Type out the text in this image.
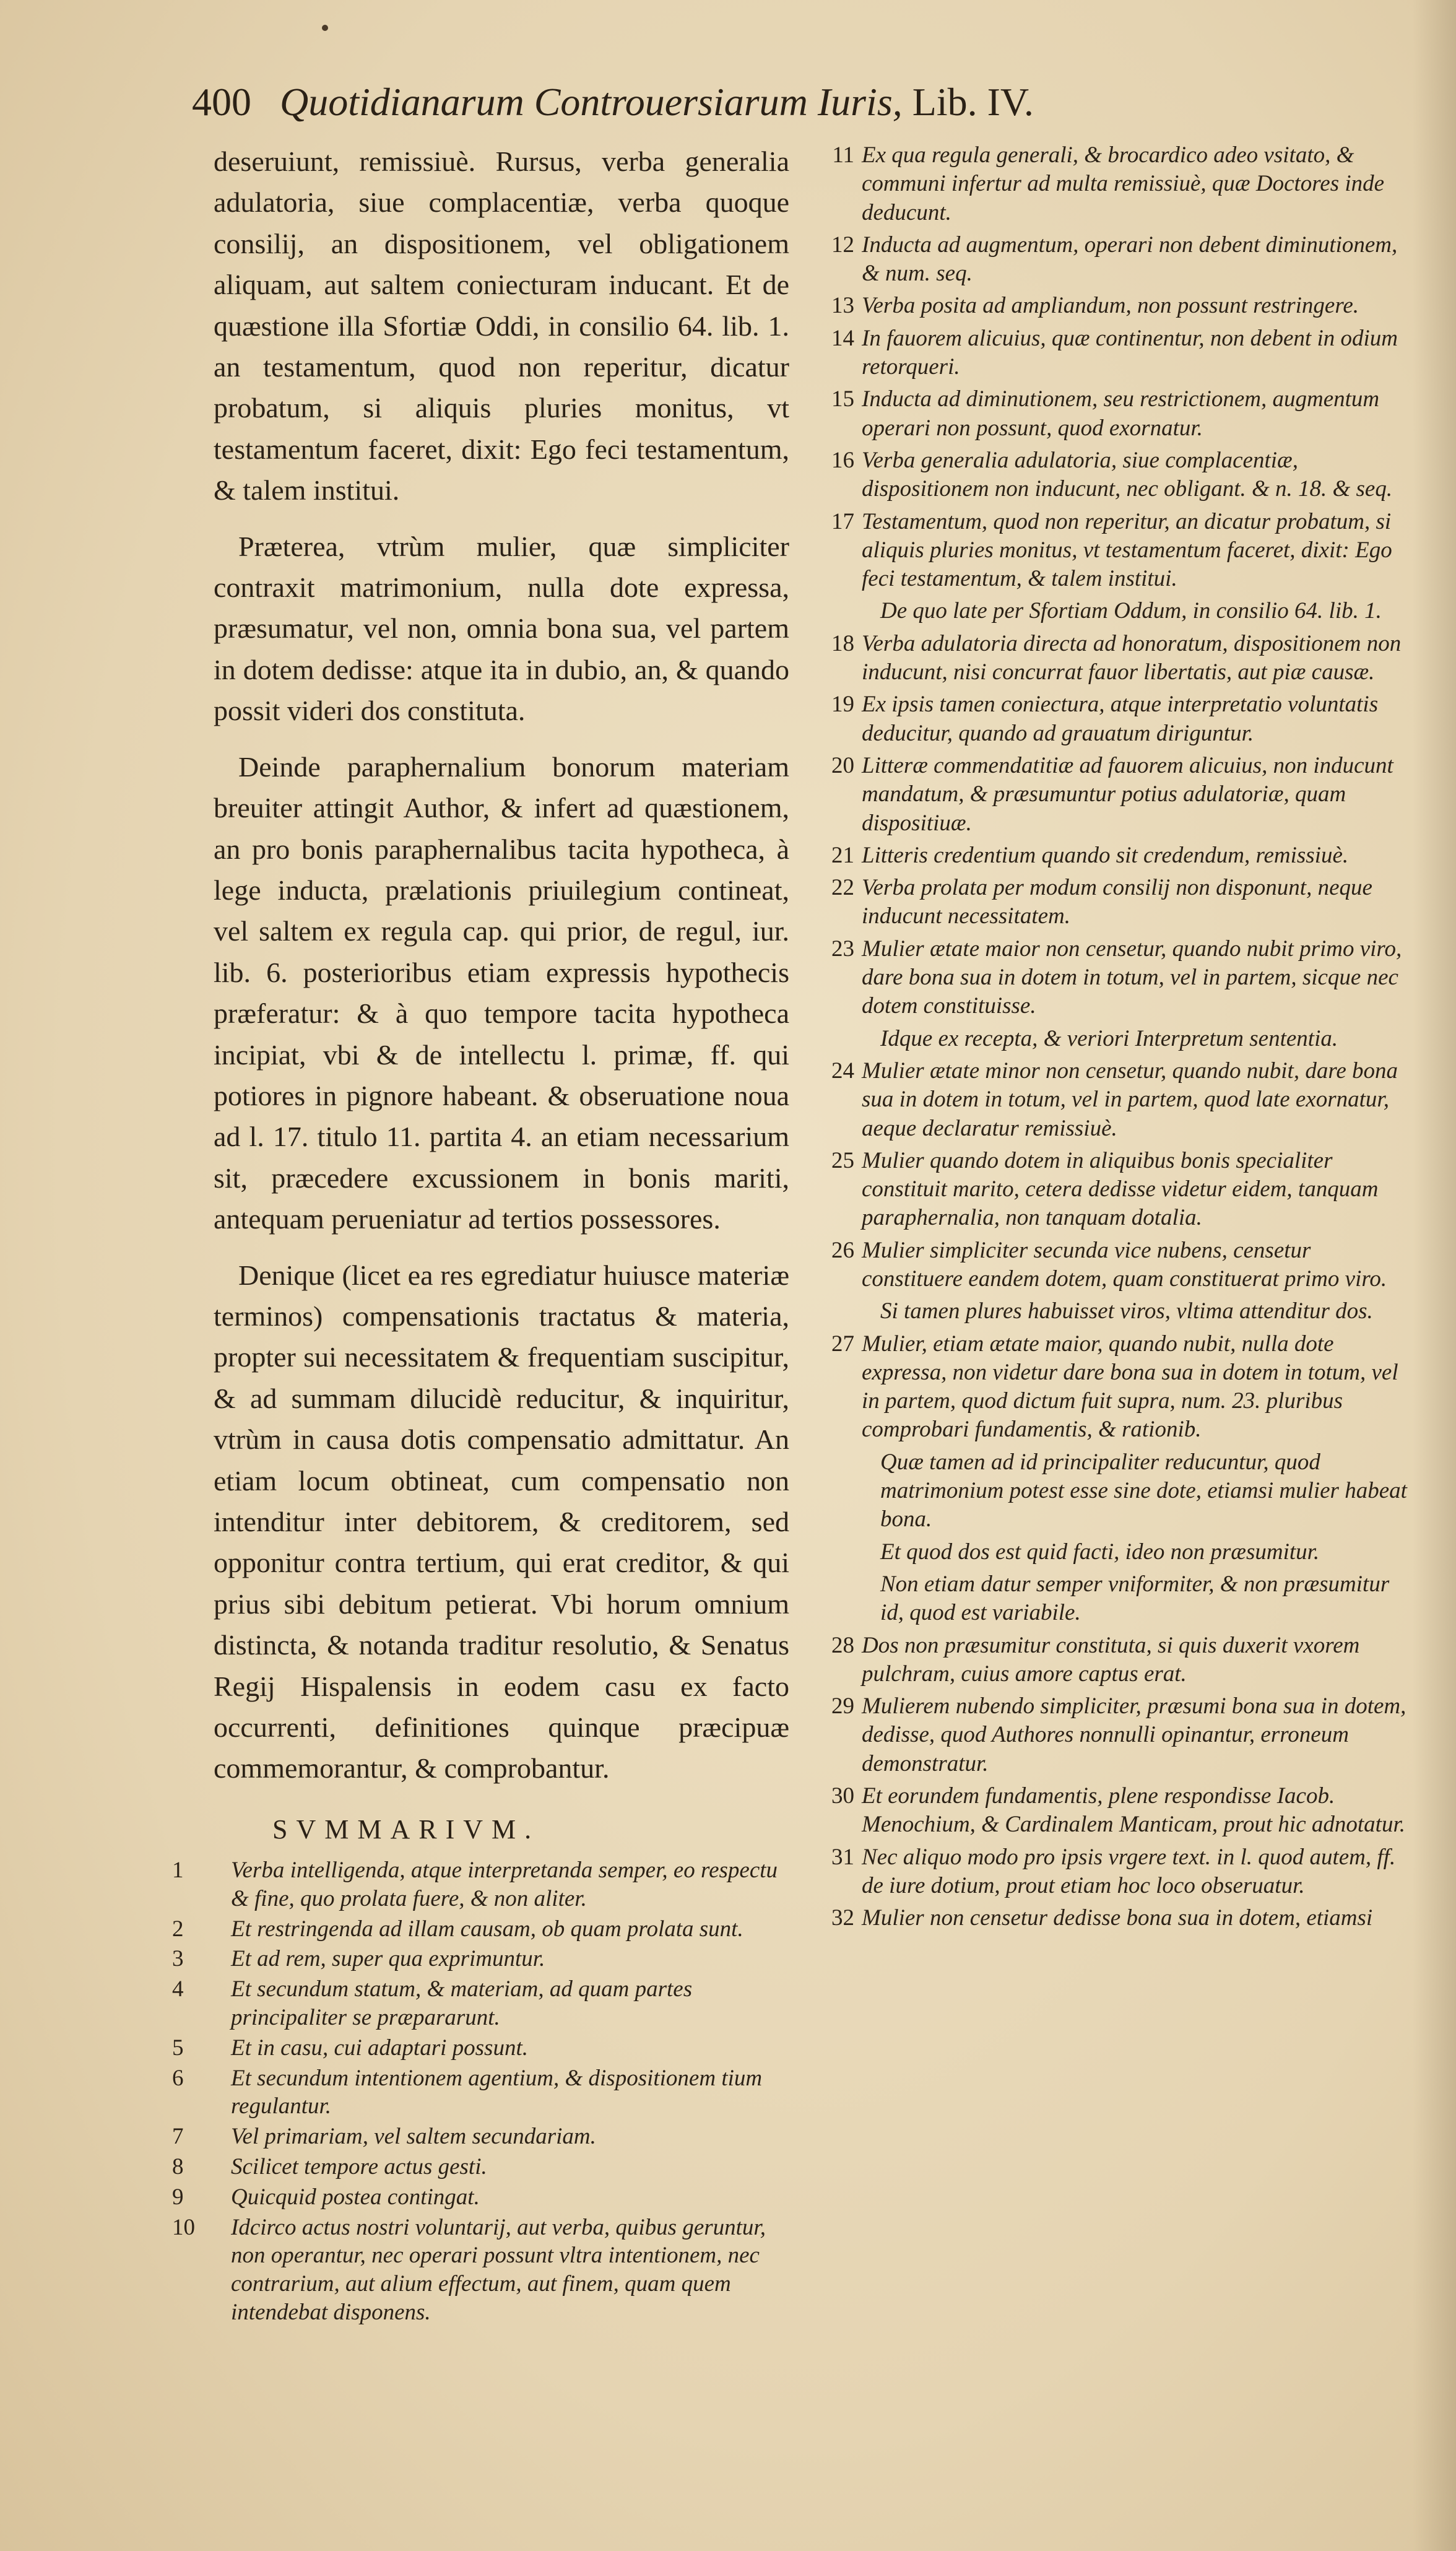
400 Quotidianarum Controuersiarum Iuris, Lib. IV.

deseruiunt, remissiuè. Rursus, verba generalia adulatoria, siue complacentiæ, verba quoque consilij, an dispositionem, vel obligationem aliquam, aut saltem coniecturam inducant. Et de quæstione illa Sfortiæ Oddi, in consilio 64. lib. 1. an testamentum, quod non reperitur, dicatur probatum, si aliquis pluries monitus, vt testamentum faceret, dixit: Ego feci testamentum, & talem institui.

Præterea, vtrùm mulier, quæ simpliciter contraxit matrimonium, nulla dote expressa, præsumatur, vel non, omnia bona sua, vel partem in dotem dedisse: atque ita in dubio, an, & quando possit videri dos constituta.

Deinde paraphernalium bonorum materiam breuiter attingit Author, & infert ad quæstionem, an pro bonis paraphernalibus tacita hypotheca, à lege inducta, prælationis priuilegium contineat, vel saltem ex regula cap. qui prior, de regul, iur. lib. 6. posterioribus etiam expressis hypothecis præferatur: & à quo tempore tacita hypotheca incipiat, vbi & de intellectu l. primæ, ff. qui potiores in pignore habeant. & obseruatione noua ad l. 17. titulo 11. partita 4. an etiam necessarium sit, præcedere excussionem in bonis mariti, antequam perueniatur ad tertios possessores.

Denique (licet ea res egrediatur huiusce materiæ terminos) compensationis tractatus & materia, propter sui necessitatem & frequentiam suscipitur, & ad summam dilucidè reducitur, & inquiritur, vtrùm in causa dotis compensatio admittatur. An etiam locum obtineat, cum compensatio non intenditur inter debitorem, & creditorem, sed opponitur contra tertium, qui erat creditor, & qui prius sibi debitum petierat. Vbi horum omnium distincta, & notanda traditur resolutio, & Senatus Regij Hispalensis in eodem casu ex facto occurrenti, definitiones quinque præcipuæ commemorantur, & comprobantur.

SVMMARIVM.
1	Verba intelligenda, atque interpretanda semper, eo respectu & fine, quo prolata fuere, & non aliter.
2	Et restringenda ad illam causam, ob quam prolata sunt.
3	Et ad rem, super qua exprimuntur.
4	Et secundum statum, & materiam, ad quam partes principaliter se præpararunt.
5	Et in casu, cui adaptari possunt.
6	Et secundum intentionem agentium, & dispositionem tium regulantur.
7	Vel primariam, vel saltem secundariam.
8	Scilicet tempore actus gesti.
9	Quicquid postea contingat.
10 Idcirco actus nostri voluntarij, aut verba, quibus geruntur, non operantur, nec operari possunt vltra intentionem, nec contrarium, aut alium effectum, aut finem, quam quem intendebat disponens.
11 Ex qua regula generali, & brocardico adeo vsitato, & communi infertur ad multa remissiuè, quæ Doctores inde deducunt.
12 Inducta ad augmentum, operari non debent diminutionem, & num. seq.
13 Verba posita ad ampliandum, non possunt restringere.
14 In fauorem alicuius, quæ continentur, non debent in odium retorqueri.
15 Inducta ad diminutionem, seu restrictionem, augmentum operari non possunt, quod exornatur.
16 Verba generalia adulatoria, siue complacentiæ, dispositionem non inducunt, nec obligant. & n. 18. & seq.
17 Testamentum, quod non reperitur, an dicatur probatum, si aliquis pluries monitus, vt testamentum faceret, dixit: Ego feci testamentum, & talem institui.
De quo late per Sfortiam Oddum, in consilio 64. lib. 1.
18 Verba adulatoria directa ad honoratum, dispositionem non inducunt, nisi concurrat fauor libertatis, aut piæ causæ.
19 Ex ipsis tamen coniectura, atque interpretatio voluntatis deducitur, quando ad grauatum diriguntur.
20 Litteræ commendatitiæ ad fauorem alicuius, non inducunt mandatum, & præsumuntur potius adulatoriæ, quam dispositiuæ.
21 Litteris credentium quando sit credendum, remissiuè.
22 Verba prolata per modum consilij non disponunt, neque inducunt necessitatem.
23 Mulier ætate maior non censetur, quando nubit primo viro, dare bona sua in dotem in totum, vel in partem, sicque nec dotem constituisse.
Idque ex recepta, & veriori Interpretum sententia.
24 Mulier ætate minor non censetur, quando nubit, dare bona sua in dotem in totum, vel in partem, quod late exornatur, aeque declaratur remissiuè.
25 Mulier quando dotem in aliquibus bonis specialiter constituit marito, cetera dedisse videtur eidem, tanquam paraphernalia, non tanquam dotalia.
26 Mulier simpliciter secunda vice nubens, censetur constituere eandem dotem, quam constituerat primo viro.
Si tamen plures habuisset viros, vltima attenditur dos.
27 Mulier, etiam ætate maior, quando nubit, nulla dote expressa, non videtur dare bona sua in dotem in totum, vel in partem, quod dictum fuit supra, num. 23. pluribus comprobari fundamentis, & rationib.
Quæ tamen ad id principaliter reducuntur, quod matrimonium potest esse sine dote, etiamsi mulier habeat bona.
Et quod dos est quid facti, ideo non præsumitur.
Non etiam datur semper vniformiter, & non præsumitur id, quod est variabile.
28 Dos non præsumitur constituta, si quis duxerit vxorem pulchram, cuius amore captus erat.
29 Mulierem nubendo simpliciter, præsumi bona sua in dotem, dedisse, quod Authores nonnulli opinantur, erroneum demonstratur.
30 Et eorundem fundamentis, plene respondisse Iacob. Menochium, & Cardinalem Manticam, prout hic adnotatur.
31 Nec aliquo modo pro ipsis vrgere text. in l. quod autem, ff. de iure dotium, prout etiam hoc loco obseruatur.
32 Mulier non censetur dedisse bona sua in dotem, etiamsi
